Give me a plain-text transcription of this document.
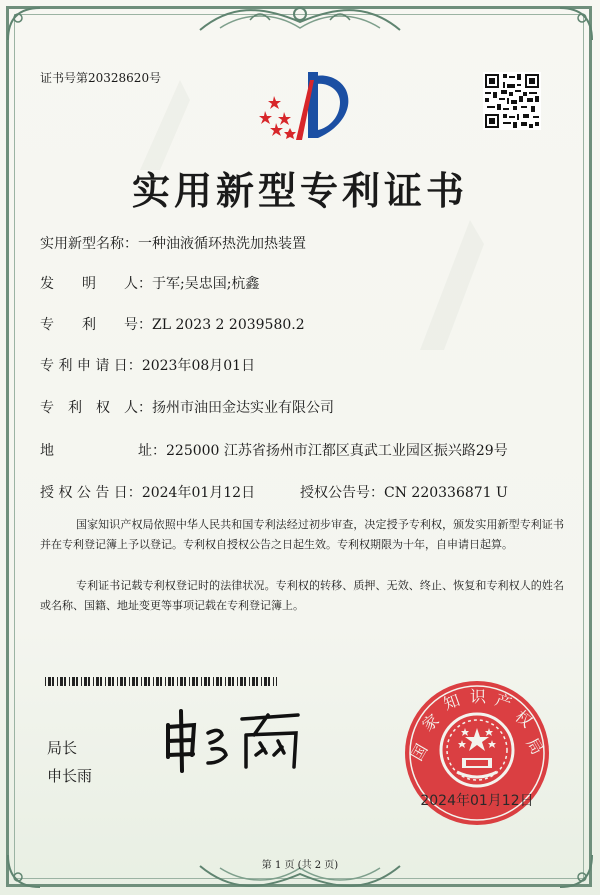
证书号第20328620号
实用新型专利证书
实用新型名称：一种油液循环热洗加热装置
发　　明　　人：于军;吴忠国;杭鑫
专　　利　　号：ZL 2023 2 2039580.2
专 利 申 请 日：2023年08月01日
专　利　权　人：扬州市油田金达实业有限公司
地　　　　　　址：225000 江苏省扬州市江都区真武工业园区振兴路29号
授 权 公 告 日：2024年01月12日	授权公告号：CN 220336871 U
国家知识产权局依照中华人民共和国专利法经过初步审查，决定授予专利权，颁发实用新型专利证书并在专利登记簿上予以登记。专利权自授权公告之日起生效。专利权期限为十年，自申请日起算。
专利证书记载专利权登记时的法律状况。专利权的转移、质押、无效、终止、恢复和专利权人的姓名或名称、国籍、地址变更等事项记载在专利登记簿上。
局长
申长雨
国
家
知 识 产
权
局
2024年01月12日
第 1 页 (共 2 页)
